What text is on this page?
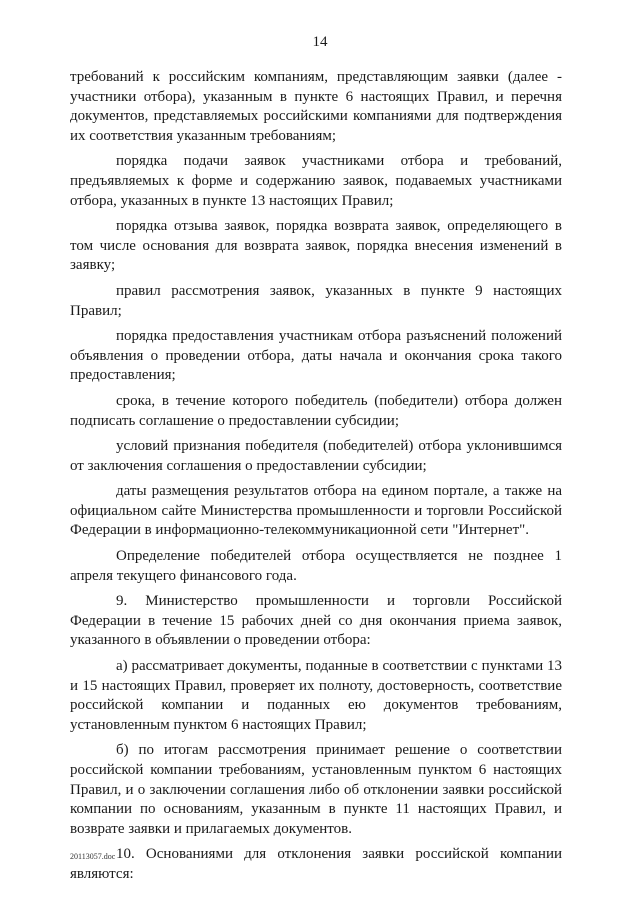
14

требований к российским компаниям, представляющим заявки (далее - участники отбора), указанным в пункте 6 настоящих Правил, и перечня документов, представляемых российскими компаниями для подтверждения их соответствия указанным требованиям;

порядка подачи заявок участниками отбора и требований, предъявляемых к форме и содержанию заявок, подаваемых участниками отбора, указанных в пункте 13 настоящих Правил;

порядка отзыва заявок, порядка возврата заявок, определяющего в том числе основания для возврата заявок, порядка внесения изменений в заявку;

правил рассмотрения заявок, указанных в пункте 9 настоящих Правил;

порядка предоставления участникам отбора разъяснений положений объявления о проведении отбора, даты начала и окончания срока такого предоставления;

срока, в течение которого победитель (победители) отбора должен подписать соглашение о предоставлении субсидии;

условий признания победителя (победителей) отбора уклонившимся от заключения соглашения о предоставлении субсидии;

даты размещения результатов отбора на едином портале, а также на официальном сайте Министерства промышленности и торговли Российской Федерации в информационно-телекоммуникационной сети "Интернет".

Определение победителей отбора осуществляется не позднее 1 апреля текущего финансового года.

9. Министерство промышленности и торговли Российской Федерации в течение 15 рабочих дней со дня окончания приема заявок, указанного в объявлении о проведении отбора:

а) рассматривает документы, поданные в соответствии с пунктами 13 и 15 настоящих Правил, проверяет их полноту, достоверность, соответствие российской компании и поданных ею документов требованиям, установленным пунктом 6 настоящих Правил;

б) по итогам рассмотрения принимает решение о соответствии российской компании требованиям, установленным пунктом 6 настоящих Правил, и о заключении соглашения либо об отклонении заявки российской компании по основаниям, указанным в пункте 11 настоящих Правил, и возврате заявки и прилагаемых документов.

10. Основаниями для отклонения заявки российской компании являются:

20113057.doc
